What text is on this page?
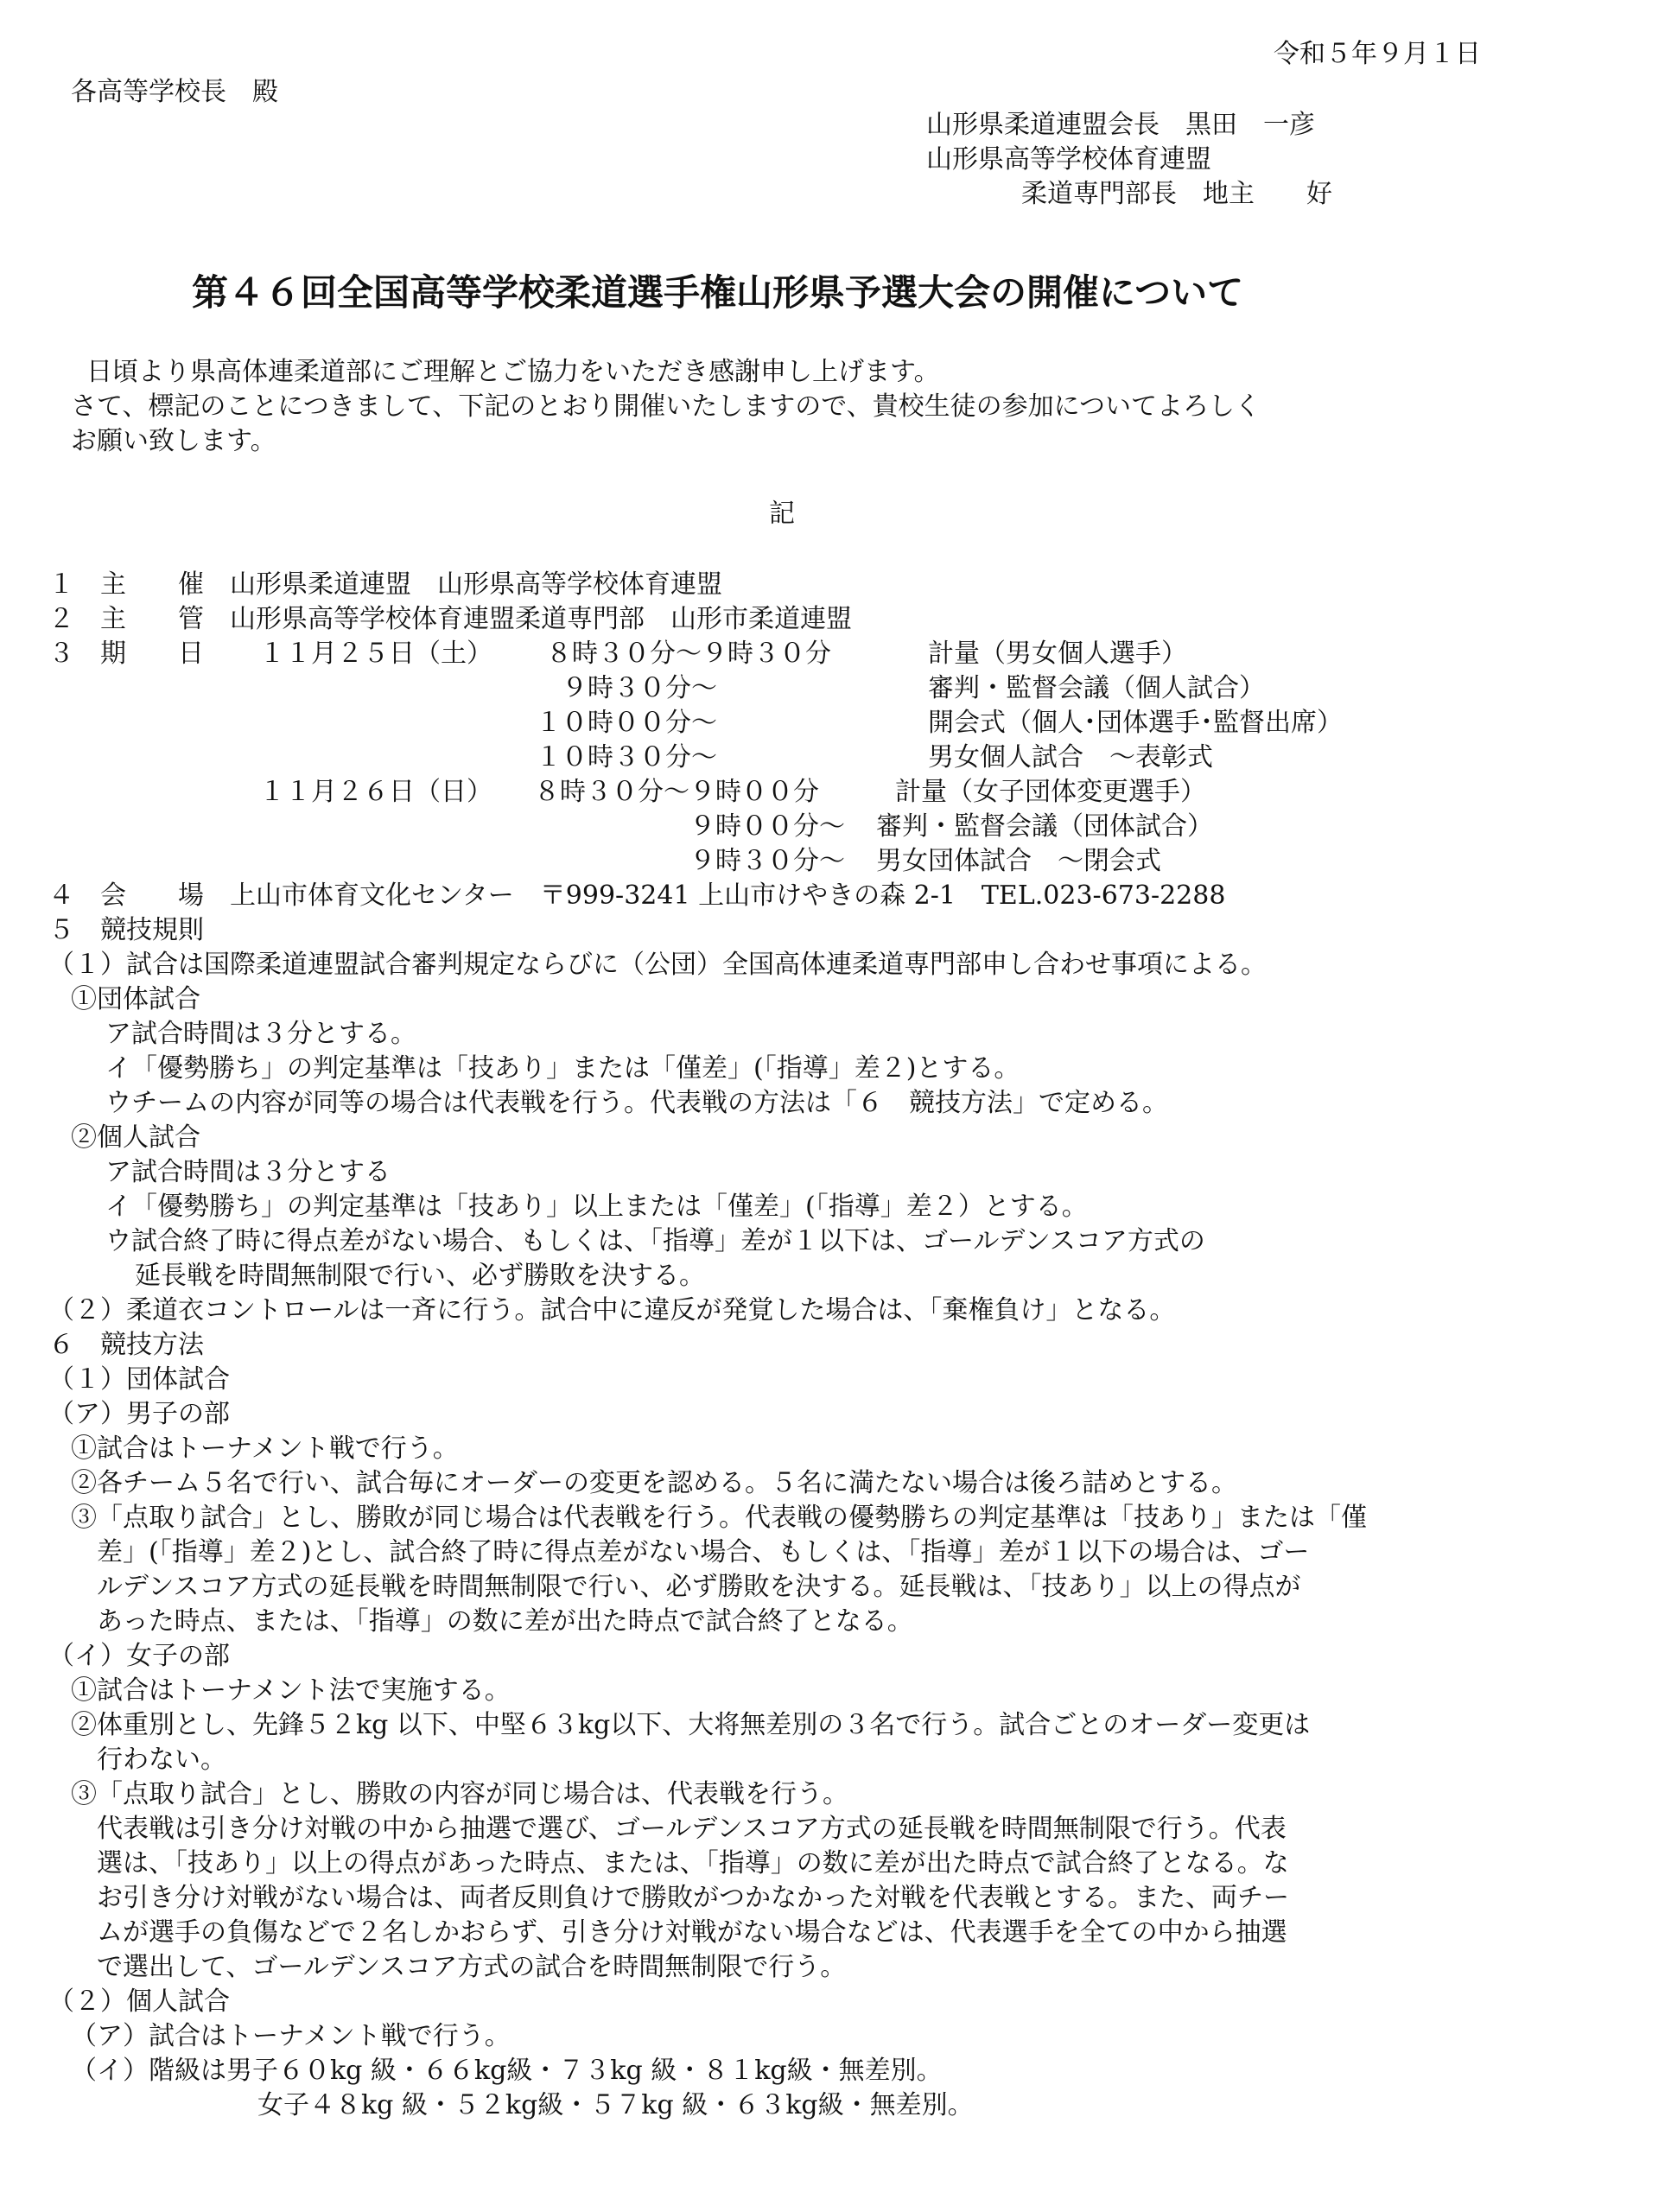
令和５年９月１日
各高等学校長　殿
山形県柔道連盟会長　黒田　一彦
山形県高等学校体育連盟
柔道専門部長　地主　　好
第４６回全国高等学校柔道選手権山形県予選大会の開催について
日頃より県高体連柔道部にご理解とご協力をいただき感謝申し上げます。
さて、標記のことにつきまして、下記のとおり開催いたしますので、貴校生徒の参加についてよろしく
お願い致します。
記
１　主　　催　山形県柔道連盟　山形県高等学校体育連盟
２　主　　管　山形県高等学校体育連盟柔道専門部　山形市柔道連盟
３　期　　日 １１月２５日（土） ８時３０分～９時３０分	計量（男女個人選手）
９時３０分～	審判・監督会議（個人試合）
１０時００分～	開会式（個人･団体選手･監督出席）
１０時３０分～	男女個人試合　～表彰式
１１月２６日（日） ８時３０分～９時００分	計量（女子団体変更選手）
９時００分～ 審判・監督会議（団体試合）
９時３０分～ 男女団体試合　～閉会式
４　会　　場　上山市体育文化センター　〒999-3241 上山市けやきの森 2-1　TEL.023-673-2288
５　競技規則
（１）試合は国際柔道連盟試合審判規定ならびに（公団）全国高体連柔道専門部申し合わせ事項による。
①団体試合
ア試合時間は３分とする。
イ「優勢勝ち」の判定基準は「技あり」または「僅差」(「指導」差２)とする。
ウチームの内容が同等の場合は代表戦を行う。代表戦の方法は「６　競技方法」で定める。
②個人試合
ア試合時間は３分とする
イ「優勢勝ち」の判定基準は「技あり」以上または「僅差」(「指導」差２）とする。
ウ試合終了時に得点差がない場合、もしくは、「指導」差が１以下は、ゴールデンスコア方式の
延長戦を時間無制限で行い、必ず勝敗を決する。
（２）柔道衣コントロールは一斉に行う。試合中に違反が発覚した場合は、「棄権負け」となる。
６　競技方法
（１）団体試合
（ア）男子の部
①試合はトーナメント戦で行う。
②各チーム５名で行い、試合毎にオーダーの変更を認める。５名に満たない場合は後ろ詰めとする。
③「点取り試合」とし、勝敗が同じ場合は代表戦を行う。代表戦の優勢勝ちの判定基準は「技あり」または「僅
差」(「指導」差２)とし、試合終了時に得点差がない場合、もしくは、「指導」差が１以下の場合は、ゴー
ルデンスコア方式の延長戦を時間無制限で行い、必ず勝敗を決する。延長戦は、「技あり」以上の得点が
あった時点、または、「指導」の数に差が出た時点で試合終了となる。
（イ）女子の部
①試合はトーナメント法で実施する。
②体重別とし、先鋒５２kg 以下、中堅６３kg以下、大将無差別の３名で行う。試合ごとのオーダー変更は
行わない。
③「点取り試合」とし、勝敗の内容が同じ場合は、代表戦を行う。
代表戦は引き分け対戦の中から抽選で選び、ゴールデンスコア方式の延長戦を時間無制限で行う。代表
選は、「技あり」以上の得点があった時点、または、「指導」の数に差が出た時点で試合終了となる。な
お引き分け対戦がない場合は、両者反則負けで勝敗がつかなかった対戦を代表戦とする。また、両チー
ムが選手の負傷などで２名しかおらず、引き分け対戦がない場合などは、代表選手を全ての中から抽選
で選出して、ゴールデンスコア方式の試合を時間無制限で行う。
（２）個人試合
（ア）試合はトーナメント戦で行う。
（イ）階級は男子６０kg 級・６６kg級・７３kg 級・８１kg級・無差別。
女子４８kg 級・５２kg級・５７kg 級・６３kg級・無差別。
